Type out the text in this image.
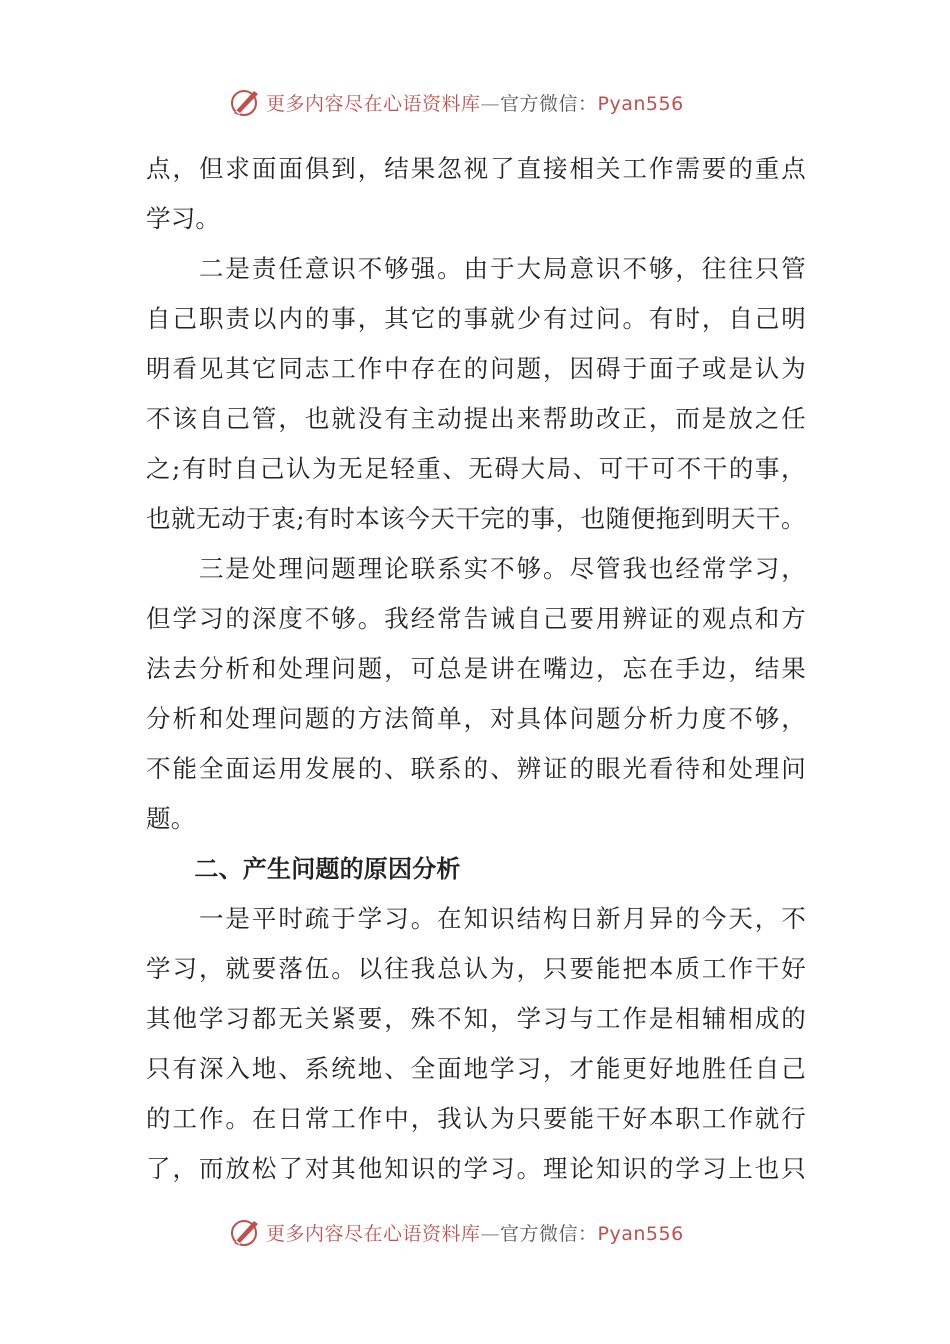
更多内容尽在心语资料库—官方微信：Pyan556
点 ， 但 求 面 面 俱 到 ， 结 果 忽 视 了 直 接 相 关 工 作 需 要 的 重 点
学习。

二 是 责 任 意 识 不 够 强 。 由 于 大 局 意 识 不 够 ， 往 往 只 管
自 己 职 责 以 内 的 事 ， 其 它 的 事 就 少 有 过 问 。 有 时 ， 自 己 明
明 看 见 其 它 同 志 工 作 中 存 在 的 问 题 ， 因 碍 于 面 子 或 是 认 为
不 该 自 己 管 ， 也 就 没 有 主 动 提 出 来 帮 助 改 正 ， 而 是 放 之 任
之 ; 有 时 自 己 认 为 无 足 轻 重 、 无 碍 大 局 、 可 干 可 不 干 的 事 ，
也 就 无 动 于 衷 ; 有 时 本 该 今 天 干 完 的 事 ， 也 随 便 拖 到 明 天 干 。

三 是 处 理 问 题 理 论 联 系 实 不 够 。 尽 管 我 也 经 常 学 习 ，
但 学 习 的 深 度 不 够 。 我 经 常 告 诫 自 己 要 用 辨 证 的 观 点 和 方
法 去 分 析 和 处 理 问 题 ， 可 总 是 讲 在 嘴 边 ， 忘 在 手 边 ， 结 果
分 析 和 处 理 问 题 的 方 法 简 单 ， 对 具 体 问 题 分 析 力 度 不 够 ，
不 能 全 面 运 用 发 展 的 、 联 系 的 、 辨 证 的 眼 光 看 待 和 处 理 问
题。
　　二、产生问题的原因分析

一 是 平 时 疏 于 学 习 。 在 知 识 结 构 日 新 月 异 的 今 天 ， 不
学 习 ， 就 要 落 伍 。 以 往 我 总 认 为 ， 只 要 能 把 本 质 工 作 干 好
其 他 学 习 都 无 关 紧 要 ， 殊 不 知 ， 学 习 与 工 作 是 相 辅 相 成 的
只 有 深 入 地 、 系 统 地 、 全 面 地 学 习 ， 才 能 更 好 地 胜 任 自 己
的 工 作 。 在 日 常 工 作 中 ， 我 认 为 只 要 能 干 好 本 职 工 作 就 行
了 ， 而 放 松 了 对 其 他 知 识 的 学 习 。 理 论 知 识 的 学 习 上 也 只
更多内容尽在心语资料库—官方微信：Pyan556
